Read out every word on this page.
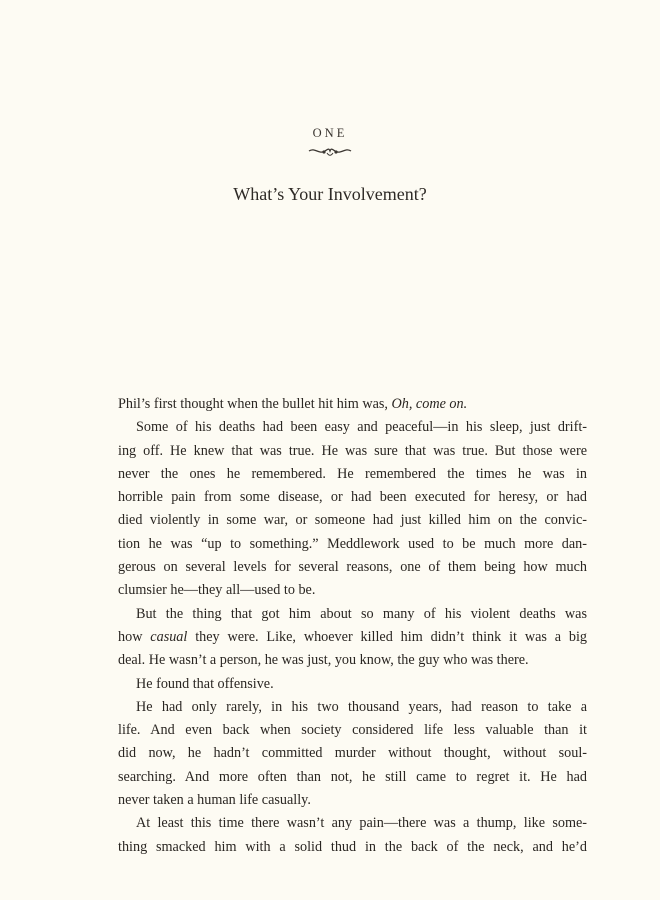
ONE
What’s Your Involvement?
Phil’s first thought when the bullet hit him was, Oh, come on.
Some of his deaths had been easy and peaceful—in his sleep, just drift-
ing off. He knew that was true. He was sure that was true. But those were
never the ones he remembered. He remembered the times he was in
horrible pain from some disease, or had been executed for heresy, or had
died violently in some war, or someone had just killed him on the convic-
tion he was “up to something.” Meddlework used to be much more dan-
gerous on several levels for several reasons, one of them being how much
clumsier he—they all—used to be.
But the thing that got him about so many of his violent deaths was
how casual they were. Like, whoever killed him didn’t think it was a big
deal. He wasn’t a person, he was just, you know, the guy who was there.
He found that offensive.
He had only rarely, in his two thousand years, had reason to take a
life. And even back when society considered life less valuable than it
did now, he hadn’t committed murder without thought, without soul-
searching. And more often than not, he still came to regret it. He had
never taken a human life casually.
At least this time there wasn’t any pain—there was a thump, like some-
thing smacked him with a solid thud in the back of the neck, and he’d
